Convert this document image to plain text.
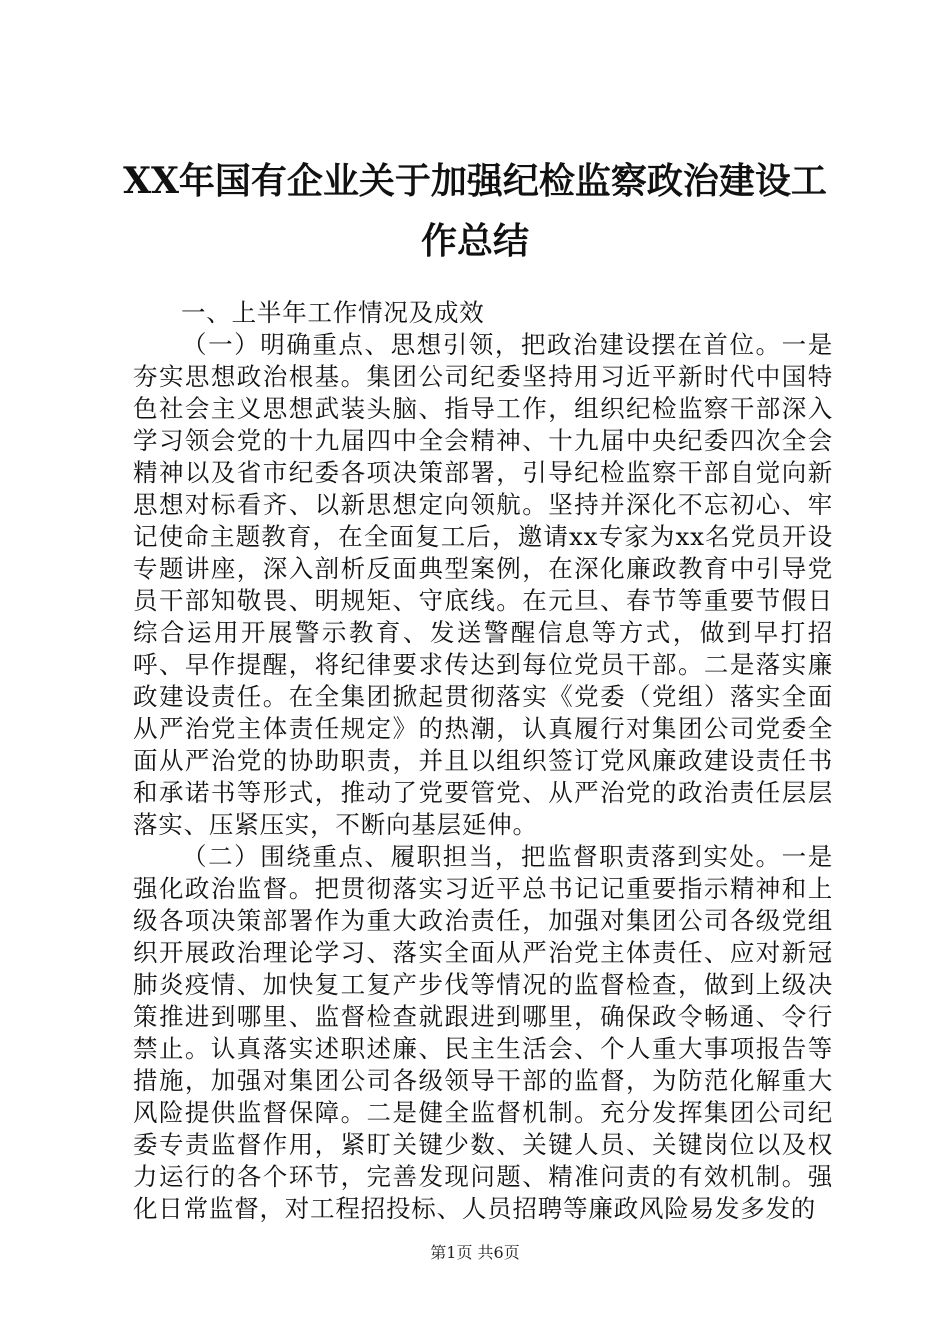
XX年国有企业关于加强纪检监察政治建设工
作总结
一、上半年工作情况及成效

（一）明确重点、思想引领，把政治建设摆在首位。一是夯实思想政治根基。集团公司纪委坚持用习近平新时代中国特色社会主义思想武装头脑、指导工作，组织纪检监察干部深入学习领会党的十九届四中全会精神、十九届中央纪委四次全会精神以及省市纪委各项决策部署，引导纪检监察干部自觉向新思想对标看齐、以新思想定向领航。坚持并深化不忘初心、牢记使命主题教育，在全面复工后，邀请xx专家为xx名党员开设专题讲座，深入剖析反面典型案例，在深化廉政教育中引导党员干部知敬畏、明规矩、守底线。在元旦、春节等重要节假日综合运用开展警示教育、发送警醒信息等方式，做到早打招呼、早作提醒，将纪律要求传达到每位党员干部。二是落实廉政建设责任。在全集团掀起贯彻落实《党委（党组）落实全面从严治党主体责任规定》的热潮，认真履行对集团公司党委全面从严治党的协助职责，并且以组织签订党风廉政建设责任书和承诺书等形式，推动了党要管党、从严治党的政治责任层层落实、压紧压实，不断向基层延伸。

（二）围绕重点、履职担当，把监督职责落到实处。一是强化政治监督。把贯彻落实习近平总书记记重要指示精神和上级各项决策部署作为重大政治责任，加强对集团公司各级党组织开展政治理论学习、落实全面从严治党主体责任、应对新冠肺炎疫情、加快复工复产步伐等情况的监督检查，做到上级决策推进到哪里、监督检查就跟进到哪里，确保政令畅通、令行禁止。认真落实述职述廉、民主生活会、个人重大事项报告等措施，加强对集团公司各级领导干部的监督，为防范化解重大风险提供监督保障。二是健全监督机制。充分发挥集团公司纪委专责监督作用，紧盯关键少数、关键人员、关键岗位以及权力运行的各个环节，完善发现问题、精准问责的有效机制。强化日常监督，对工程招投标、人员招聘等廉政风险易发多发的

第1页 共6页
